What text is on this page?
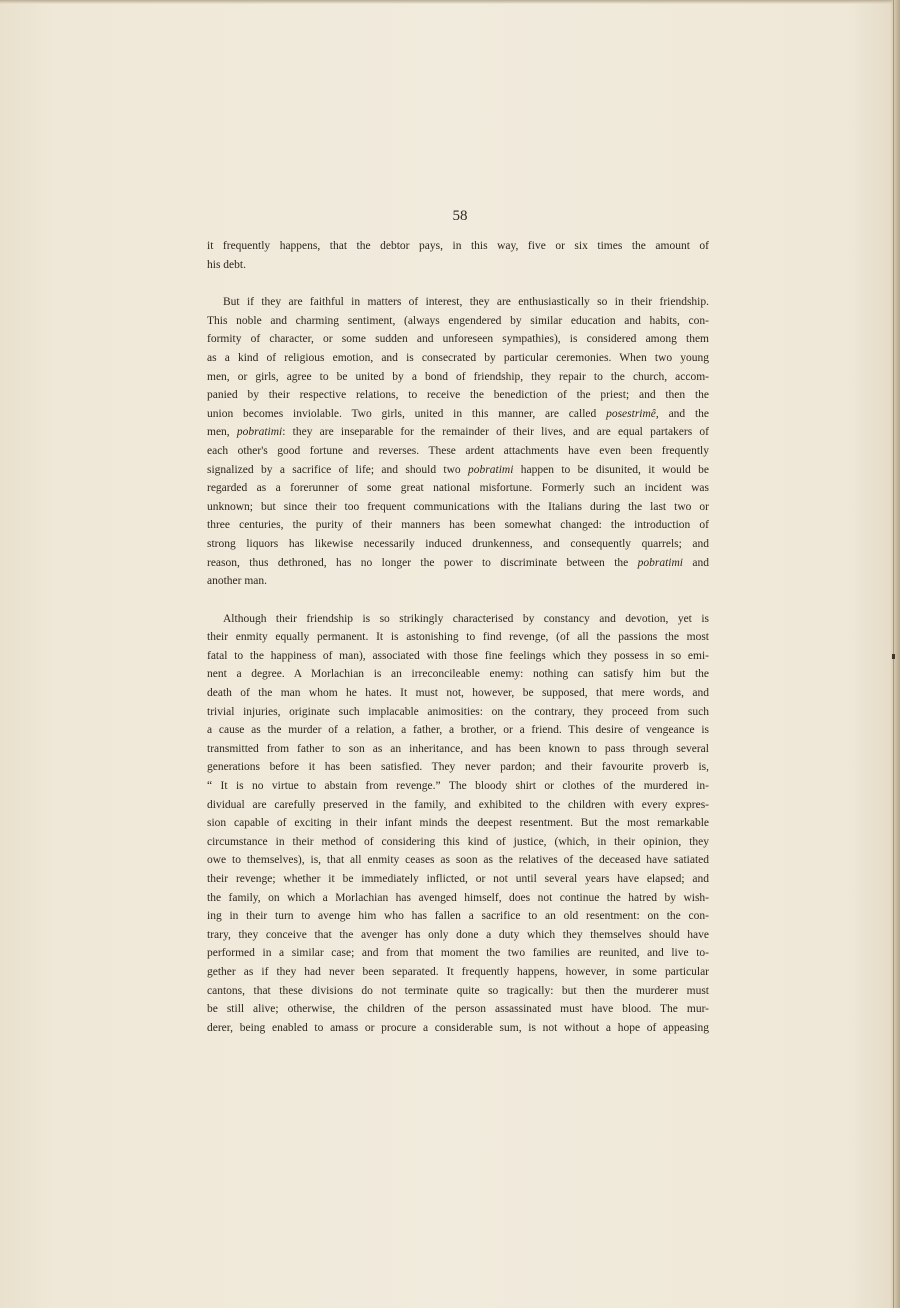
58
it frequently happens, that the debtor pays, in this way, five or six times the amount of
his debt.
But if they are faithful in matters of interest, they are enthusiastically so in their friendship.
This noble and charming sentiment, (always engendered by similar education and habits, con-
formity of character, or some sudden and unforeseen sympathies), is considered among them
as a kind of religious emotion, and is consecrated by particular ceremonies. When two young
men, or girls, agree to be united by a bond of friendship, they repair to the church, accom-
panied by their respective relations, to receive the benediction of the priest; and then the
union becomes inviolable. Two girls, united in this manner, are called posestrimê, and the
men, pobratimi: they are inseparable for the remainder of their lives, and are equal partakers of
each other's good fortune and reverses. These ardent attachments have even been frequently
signalized by a sacrifice of life; and should two pobratimi happen to be disunited, it would be
regarded as a forerunner of some great national misfortune. Formerly such an incident was
unknown; but since their too frequent communications with the Italians during the last two or
three centuries, the purity of their manners has been somewhat changed: the introduction of
strong liquors has likewise necessarily induced drunkenness, and consequently quarrels; and
reason, thus dethroned, has no longer the power to discriminate between the pobratimi and
another man.
Although their friendship is so strikingly characterised by constancy and devotion, yet is
their enmity equally permanent. It is astonishing to find revenge, (of all the passions the most
fatal to the happiness of man), associated with those fine feelings which they possess in so emi-
nent a degree. A Morlachian is an irreconcileable enemy: nothing can satisfy him but the
death of the man whom he hates. It must not, however, be supposed, that mere words, and
trivial injuries, originate such implacable animosities: on the contrary, they proceed from such
a cause as the murder of a relation, a father, a brother, or a friend. This desire of vengeance is
transmitted from father to son as an inheritance, and has been known to pass through several
generations before it has been satisfied. They never pardon; and their favourite proverb is,
“ It is no virtue to abstain from revenge.” The bloody shirt or clothes of the murdered in-
dividual are carefully preserved in the family, and exhibited to the children with every expres-
sion capable of exciting in their infant minds the deepest resentment. But the most remarkable
circumstance in their method of considering this kind of justice, (which, in their opinion, they
owe to themselves), is, that all enmity ceases as soon as the relatives of the deceased have satiated
their revenge; whether it be immediately inflicted, or not until several years have elapsed; and
the family, on which a Morlachian has avenged himself, does not continue the hatred by wish-
ing in their turn to avenge him who has fallen a sacrifice to an old resentment: on the con-
trary, they conceive that the avenger has only done a duty which they themselves should have
performed in a similar case; and from that moment the two families are reunited, and live to-
gether as if they had never been separated. It frequently happens, however, in some particular
cantons, that these divisions do not terminate quite so tragically: but then the murderer must
be still alive; otherwise, the children of the person assassinated must have blood. The mur-
derer, being enabled to amass or procure a considerable sum, is not without a hope of appeasing
